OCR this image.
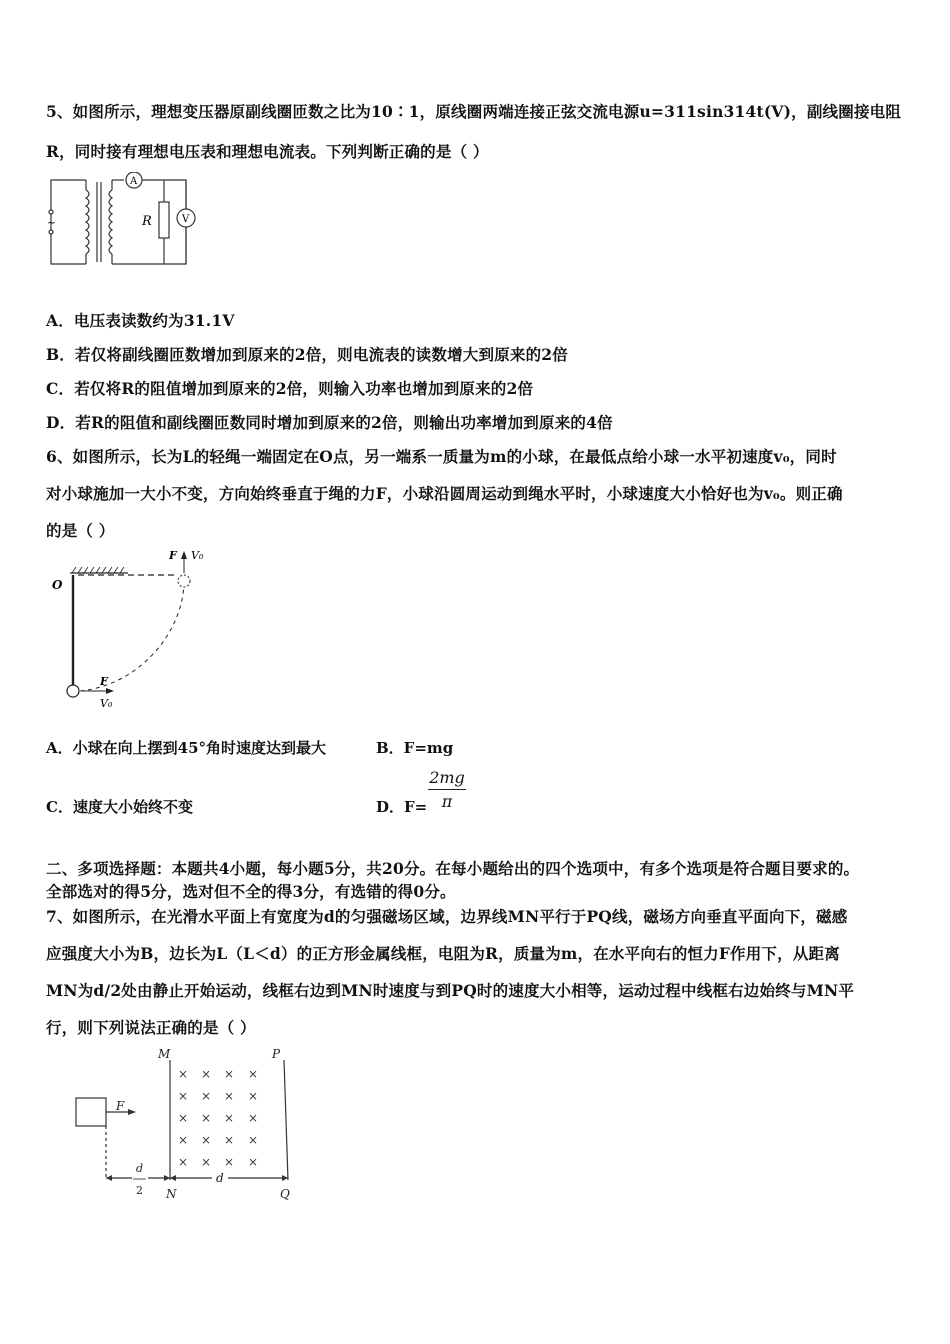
5、如图所示，理想变压器原副线圈匝数之比为10∶1，原线圈两端连接正弦交流电源u=311sin314t(V)，副线圈接电阻
R，同时接有理想电压表和理想电流表。下列判断正确的是（ ）
A
V
R
~
A．电压表读数约为31.1V
B．若仅将副线圈匝数增加到原来的2倍，则电流表的读数增大到原来的2倍
C．若仅将R的阻值增加到原来的2倍，则输入功率也增加到原来的2倍
D．若R的阻值和副线圈匝数同时增加到原来的2倍，则输出功率增加到原来的4倍
6、如图所示，长为L的轻绳一端固定在O点，另一端系一质量为m的小球，在最低点给小球一水平初速度v₀，同时
对小球施加一大小不变，方向始终垂直于绳的力F，小球沿圆周运动到绳水平时，小球速度大小恰好也为v₀。则正确
的是（ ）
O
F V₀
F
V₀
A．小球在向上摆到45°角时速度达到最大	B．F=mg
C．速度大小始终不变	D．F=
2mg
π
二、多项选择题：本题共4小题，每小题5分，共20分。在每小题给出的四个选项中，有多个选项是符合题目要求的。
全部选对的得5分，选对但不全的得3分，有选错的得0分。
7、如图所示，在光滑水平面上有宽度为d的匀强磁场区域，边界线MN平行于PQ线，磁场方向垂直平面向下，磁感
应强度大小为B，边长为L（L＜d）的正方形金属线框，电阻为R，质量为m，在水平向右的恒力F作用下，从距离
MN为d/2处由静止开始运动，线框右边到MN时速度与到PQ时的速度大小相等，运动过程中线框右边始终与MN平
行，则下列说法正确的是（ ）
× × × ×
× × × ×
× × × ×
× × × ×
× × × ×
M	P
N	Q
F
d
d
2
